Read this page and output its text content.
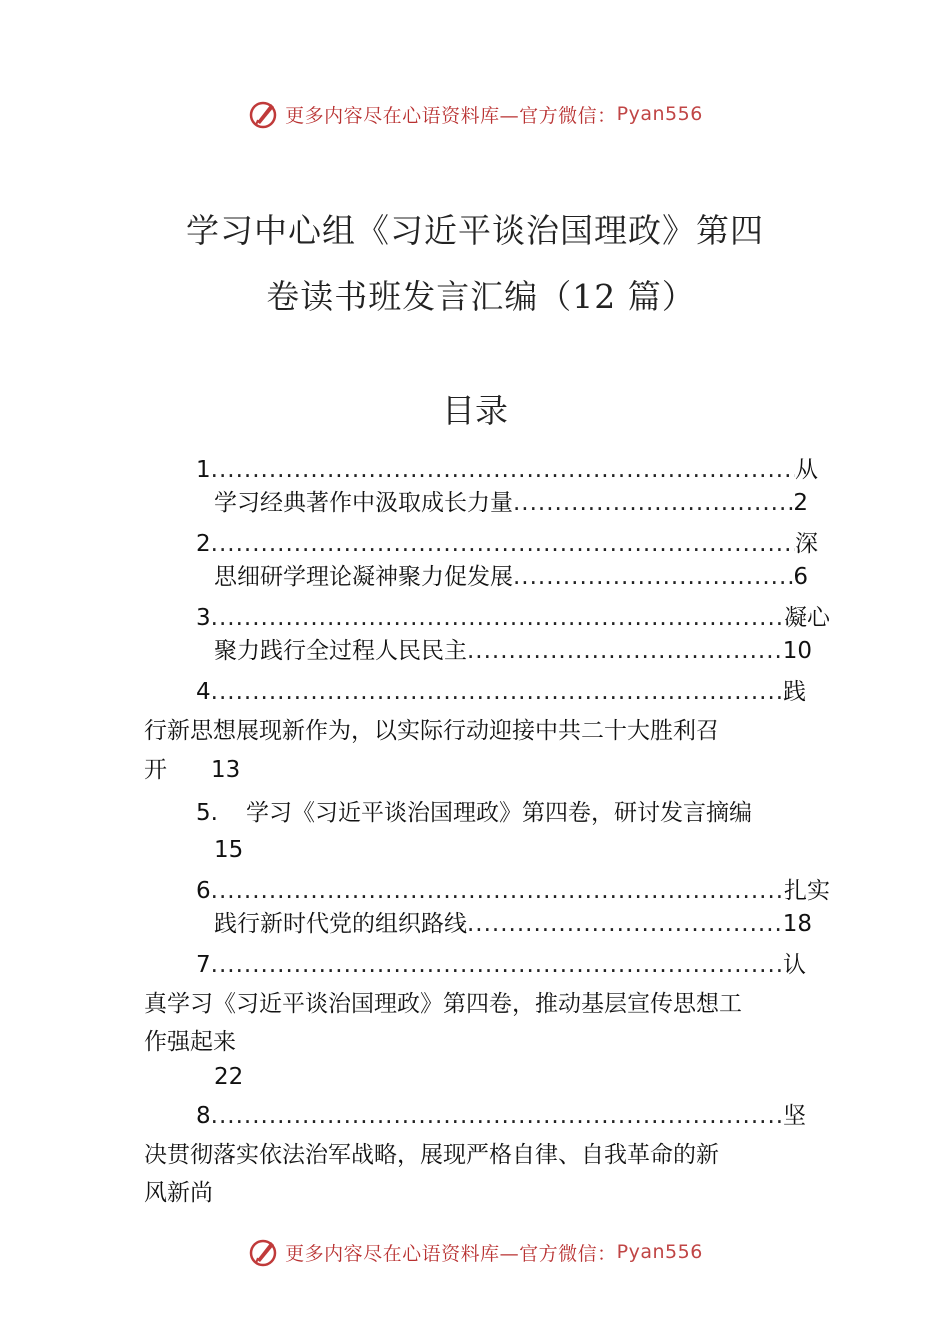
更多内容尽在心语资料库—官方微信： Pyan556
学习中心组《习近平谈治国理政》第四
卷读书班发言汇编（12 篇）
目录
1 .....	从
学习经典著作中汲取成长力量 .....	2
2 .....	深
思细研学理论凝神聚力促发展 .....	6
3 .....	凝心
聚力践行全过程人民民主 .....	10
4 .....	践
行新思想展现新作为，以实际行动迎接中共二十大胜利召
开 13
5. 学习《习近平谈治国理政》第四卷，研讨发言摘编
15
6 .....	扎实
践行新时代党的组织路线 .....	18
7 .....	认
真学习《习近平谈治国理政》第四卷，推动基层宣传思想工
作强起来
22
8 .....	坚
决贯彻落实依法治军战略，展现严格自律、自我革命的新
风新尚
更多内容尽在心语资料库—官方微信： Pyan556
